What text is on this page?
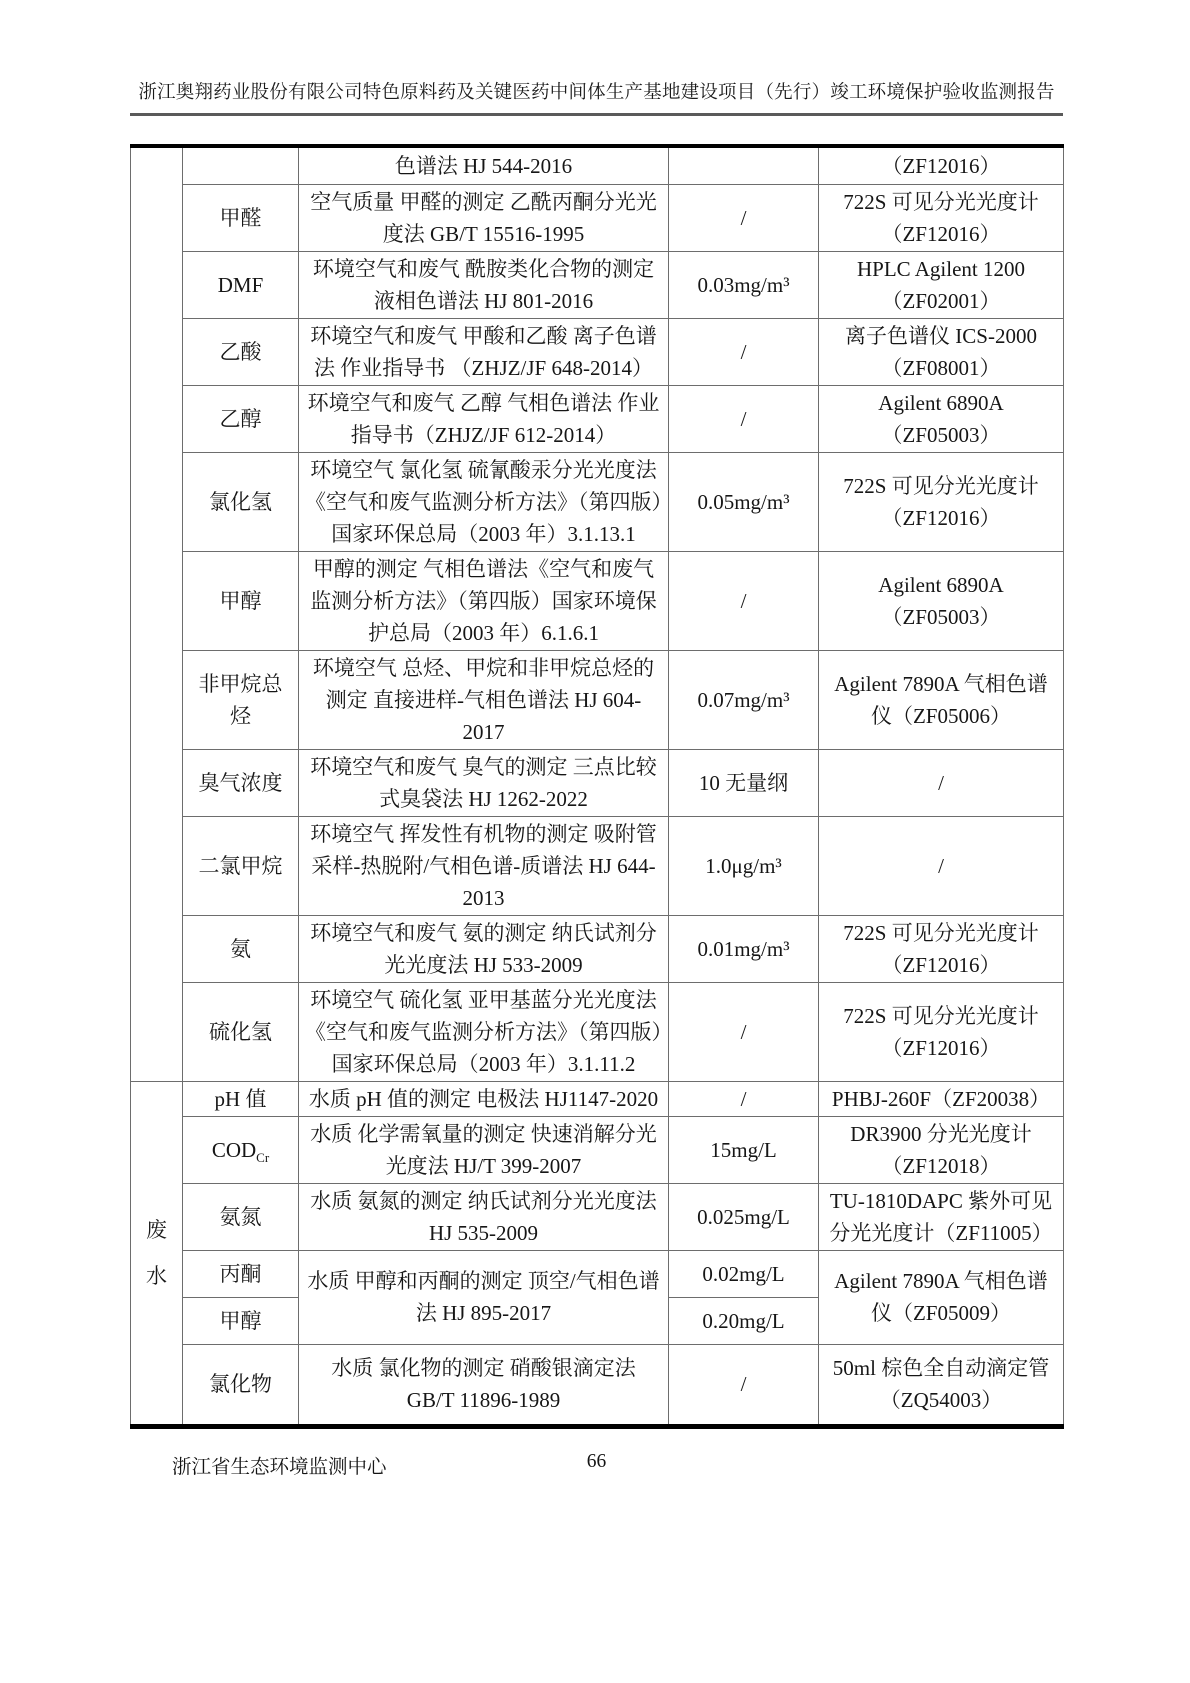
浙江奥翔药业股份有限公司特色原料药及关键医药中间体生产基地建设项目（先行）竣工环境保护验收监测报告
		色谱法 HJ 544-2016		（ZF12016）
	甲醛	空气质量 甲醛的测定 乙酰丙酮分光光度法 GB/T 15516-1995	/	722S 可见分光光度计（ZF12016）
	DMF	环境空气和废气 酰胺类化合物的测定 液相色谱法 HJ 801-2016	0.03mg/m³	HPLC Agilent 1200（ZF02001）
	乙酸	环境空气和废气 甲酸和乙酸 离子色谱法 作业指导书 （ZHJZ/JF 648-2014）	/	离子色谱仪 ICS-2000（ZF08001）
	乙醇	环境空气和废气 乙醇 气相色谱法 作业指导书（ZHJZ/JF 612-2014）	/	Agilent 6890A（ZF05003）
	氯化氢	环境空气 氯化氢 硫氰酸汞分光光度法《空气和废气监测分析方法》（第四版）国家环保总局（2003 年）3.1.13.1	0.05mg/m³	722S 可见分光光度计（ZF12016）
	甲醇	甲醇的测定 气相色谱法《空气和废气监测分析方法》（第四版）国家环境保护总局（2003 年）6.1.6.1	/	Agilent 6890A（ZF05003）
	非甲烷总烃	环境空气 总烃、甲烷和非甲烷总烃的测定 直接进样-气相色谱法 HJ 604-2017	0.07mg/m³	Agilent 7890A 气相色谱仪（ZF05006）
	臭气浓度	环境空气和废气 臭气的测定 三点比较式臭袋法 HJ 1262-2022	10 无量纲	/
	二氯甲烷	环境空气 挥发性有机物的测定 吸附管采样-热脱附/气相色谱-质谱法 HJ 644-2013	1.0μg/m³	/
	氨	环境空气和废气 氨的测定 纳氏试剂分光光度法 HJ 533-2009	0.01mg/m³	722S 可见分光光度计（ZF12016）
	硫化氢	环境空气 硫化氢 亚甲基蓝分光光度法《空气和废气监测分析方法》（第四版）国家环保总局（2003 年）3.1.11.2	/	722S 可见分光光度计（ZF12016）

废水	pH 值	水质 pH 值的测定 电极法 HJ1147-2020	/	PHBJ-260F（ZF20038）
	$COD_{Cr}$	水质 化学需氧量的测定 快速消解分光光度法 HJ/T 399-2007	15mg/L	DR3900 分光光度计（ZF12018）
	氨氮	水质 氨氮的测定 纳氏试剂分光光度法 HJ 535-2009	0.025mg/L	TU-1810DAPC 紫外可见分光光度计（ZF11005）
	丙酮	水质 甲醇和丙酮的测定 顶空/气相色谱法 HJ 895-2017	0.02mg/L	Agilent 7890A 气相色谱仪（ZF05009）
	甲醇		0.20mg/L	
	氯化物	水质 氯化物的测定 硝酸银滴定法 GB/T 11896-1989	/	50ml 棕色全自动滴定管（ZQ54003）
浙江省生态环境监测中心	66
